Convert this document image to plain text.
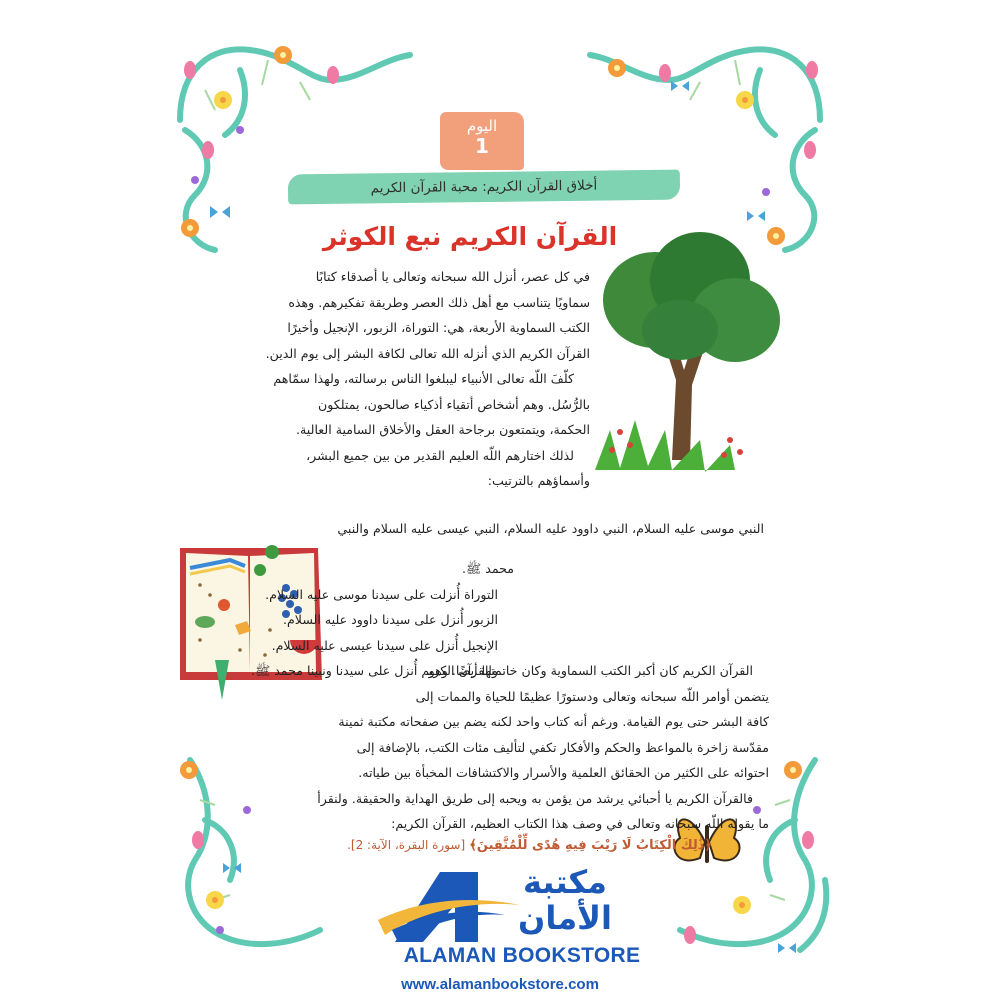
اليوم
1
أخلاق القرآن الكريم: محبة القرآن الكريم
القرآن الكريم نبع الكوثر

في كل عصر، أنزل الله سبحانه وتعالى يا أصدقاء كتابًا

سماويًا يتناسب مع أهل ذلك العصر وطريقة تفكيرهم. وهذه

الكتب السماوية الأربعة، هي: التوراة، الزبور، الإنجيل وأخيرًا

القرآن الكريم الذي أنزله الله تعالى لكافة البشر إلى يوم الدين.

كلّفَ اللّه تعالى الأنبياء ليبلغوا الناس برسالته، ولهذا سمّاهم

بالرُّسُل. وهم أشخاص أتقياء أذكياء صالحون، يمتلكون

الحكمة، ويتمتعون برجاحة العقل والأخلاق السامية العالية.

لذلك اختارهم اللّه العليم القدير من بين جميع البشر،

وأسماؤهم بالترتيب:

النبي موسى عليه السلام، النبي داوود عليه السلام، النبي عيسى عليه السلام والنبي

محمد ﷺ.

التوراة أُنزلت على سيدنا موسى عليه السلام.

الزبور أُنزل على سيدنا داوود عليه السلام.

الإنجيل أُنزل على سيدنا عيسى عليه السلام.

والقرآن الكريم أُنزل على سيدنا ونبينا محمد ﷺ.

القرآن الكريم كان أكبر الكتب السماوية وكان خاتمتها أيضًا. وهو

يتضمن أوامر اللّه سبحانه وتعالى ودستورًا عظيمًا للحياة والممات إلى

كافة البشر حتى يوم القيامة. ورغم أنه كتاب واحد لكنه يضم بين صفحاته مكتبة ثمينة

مقدّسة زاخرة بالمواعظ والحكم والأفكار تكفي لتأليف مئات الكتب، بالإضافة إلى

احتوائه على الكثير من الحقائق العلمية والأسرار والاكتشافات المخبأة بين طياته.

فالقرآن الكريم يا أحبائي يرشد من يؤمن به ويحبه إلى طريق الهداية والحقيقة. ولنقرأ

ما يقوله اللّه سبحانه وتعالى في وصف هذا الكتاب العظيم، القرآن الكريم:

﴿ذَٰلِكَ الْكِتَابُ لَا رَيْبَ فِيهِ هُدًى لِّلْمُتَّقِينَ﴾ [سورة البقرة، الآية: 2].
مكتبة
الأمان
ALAMAN BOOKSTORE
www.alamanbookstore.com
